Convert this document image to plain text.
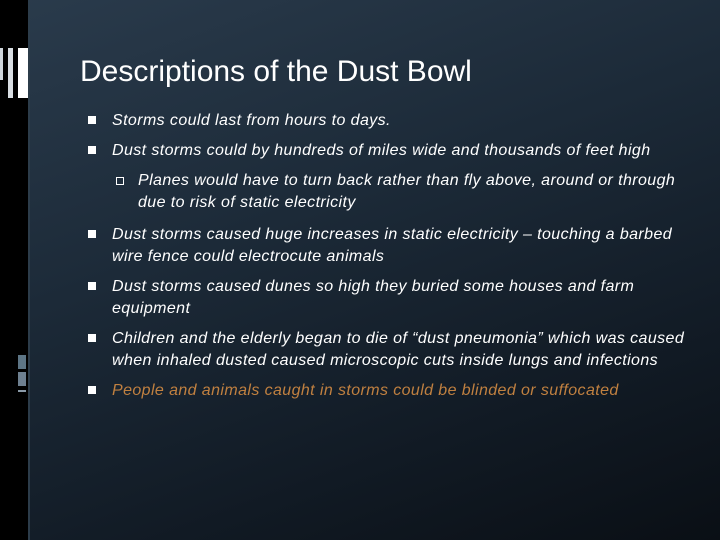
Descriptions of the Dust Bowl
Storms could last from hours to days.
Dust storms could by hundreds of miles wide and thousands of feet high
Planes would have to turn back rather than fly above, around or through due to risk of static electricity
Dust storms caused huge increases in static electricity – touching a barbed wire fence could electrocute animals
Dust storms caused dunes so high they buried some houses and farm equipment
Children and the elderly began to die of “dust pneumonia” which was caused when inhaled dusted caused microscopic cuts inside lungs and infections
People and animals caught in storms could be blinded or suffocated
